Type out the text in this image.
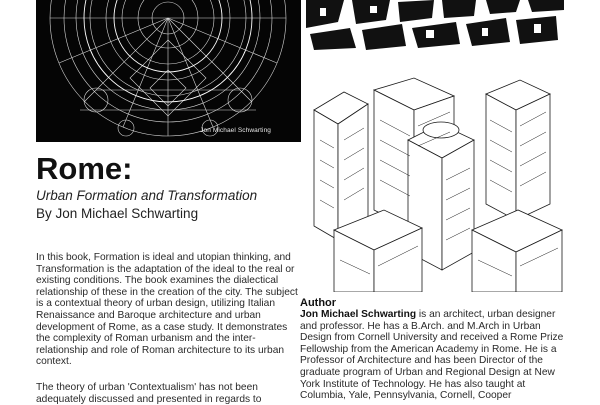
Jon Michael Schwarting
Rome:
Urban Formation and Transformation
By Jon Michael Schwarting

In this book, Formation is ideal and utopian thinking, and Transformation is the adaptation of the ideal to the real or existing conditions. The book examines the dialectical relationship of these in the creation of the city. The subject is a contextual theory of urban design, utilizing Italian Renaissance and Baroque architecture and urban development of Rome, as a case study. It demonstrates the complexity of Roman urbanism and the inter-relationship and role of Roman architecture to its urban context.

The theory of urban 'Contextualism' has not been adequately discussed and presented in regards to

Author

Jon Michael Schwarting is an architect, urban designer and professor. He has a B.Arch. and M.Arch in Urban Design from Cornell University and received a Rome Prize Fellowship from the American Academy in Rome. He is a Professor of Architecture and has been Director of the graduate program of Urban and Regional Design at New York Institute of Technology. He has also taught at Columbia, Yale, Pennsylvania, Cornell, Cooper
